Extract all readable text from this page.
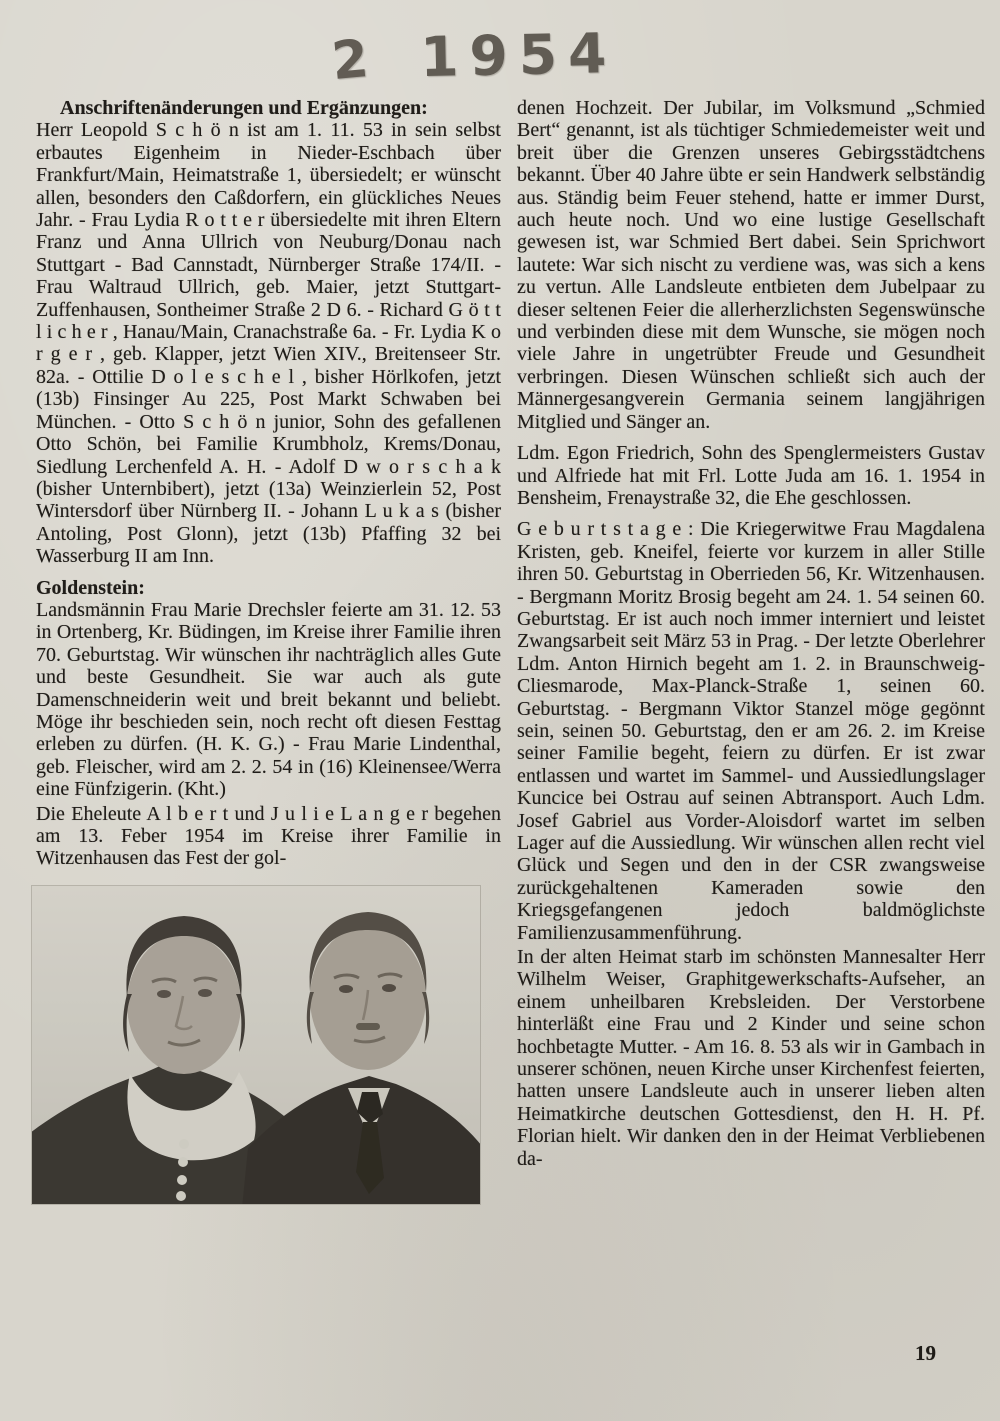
2 1954
Anschriftenänderungen und Ergänzungen:

Herr Leopold S c h ö n ist am 1. 11. 53 in sein selbst erbautes Eigenheim in Nieder-Eschbach über Frankfurt/Main, Heimatstraße 1, übersiedelt; er wünscht allen, besonders den Caßdorfern, ein glückliches Neues Jahr. - Frau Lydia R o t t e r übersiedelte mit ihren Eltern Franz und Anna Ullrich von Neuburg/Donau nach Stuttgart - Bad Cannstadt, Nürnberger Straße 174/II. - Frau Waltraud Ullrich, geb. Maier, jetzt Stuttgart-Zuffenhausen, Sontheimer Straße 2 D 6. - Richard G ö t t l i c h e r , Hanau/Main, Cranachstraße 6a. - Fr. Lydia K o r g e r , geb. Klapper, jetzt Wien XIV., Breitenseer Str. 82a. - Ottilie D o l e s c h e l , bisher Hörlkofen, jetzt (13b) Finsinger Au 225, Post Markt Schwaben bei München. - Otto S c h ö n junior, Sohn des gefallenen Otto Schön, bei Familie Krumbholz, Krems/Donau, Siedlung Lerchenfeld A. H. - Adolf D w o r s c h a k (bisher Unternbibert), jetzt (13a) Weinzierlein 52, Post Wintersdorf über Nürnberg II. - Johann L u k a s (bisher Antoling, Post Glonn), jetzt (13b) Pfaffing 32 bei Wasserburg II am Inn.

Goldenstein:

Landsmännin Frau Marie Drechsler feierte am 31. 12. 53 in Ortenberg, Kr. Büdingen, im Kreise ihrer Familie ihren 70. Geburtstag. Wir wünschen ihr nachträglich alles Gute und beste Gesundheit. Sie war auch als gute Damenschneiderin weit und breit bekannt und beliebt. Möge ihr beschieden sein, noch recht oft diesen Festtag erleben zu dürfen. (H. K. G.) - Frau Marie Lindenthal, geb. Fleischer, wird am 2. 2. 54 in (16) Kleinensee/Werra eine Fünfzigerin. (Kht.)

Die Eheleute A l b e r t und J u l i e L a n g e r begehen am 13. Feber 1954 im Kreise ihrer Familie in Witzenhausen das Fest der gol-

denen Hochzeit. Der Jubilar, im Volksmund „Schmied Bert“ genannt, ist als tüchtiger Schmiedemeister weit und breit über die Grenzen unseres Gebirgsstädtchens bekannt. Über 40 Jahre übte er sein Handwerk selbständig aus. Ständig beim Feuer stehend, hatte er immer Durst, auch heute noch. Und wo eine lustige Gesellschaft gewesen ist, war Schmied Bert dabei. Sein Sprichwort lautete: War sich nischt zu verdiene was, was sich a kens zu vertun. Alle Landsleute entbieten dem Jubelpaar zu dieser seltenen Feier die allerherzlichsten Segenswünsche und verbinden diese mit dem Wunsche, sie mögen noch viele Jahre in ungetrübter Freude und Gesundheit verbringen. Diesen Wünschen schließt sich auch der Männergesangverein Germania seinem langjährigen Mitglied und Sänger an.

Ldm. Egon Friedrich, Sohn des Spenglermeisters Gustav und Alfriede hat mit Frl. Lotte Juda am 16. 1. 1954 in Bensheim, Frenaystraße 32, die Ehe geschlossen.

G e b u r t s t a g e : Die Kriegerwitwe Frau Magdalena Kristen, geb. Kneifel, feierte vor kurzem in aller Stille ihren 50. Geburtstag in Oberrieden 56, Kr. Witzenhausen. - Bergmann Moritz Brosig begeht am 24. 1. 54 seinen 60. Geburtstag. Er ist auch noch immer interniert und leistet Zwangsarbeit seit März 53 in Prag. - Der letzte Oberlehrer Ldm. Anton Hirnich begeht am 1. 2. in Braunschweig-Cliesmarode, Max-Planck-Straße 1, seinen 60. Geburtstag. - Bergmann Viktor Stanzel möge gegönnt sein, seinen 50. Geburtstag, den er am 26. 2. im Kreise seiner Familie begeht, feiern zu dürfen. Er ist zwar entlassen und wartet im Sammel- und Aussiedlungslager Kuncice bei Ostrau auf seinen Abtransport. Auch Ldm. Josef Gabriel aus Vorder-Aloisdorf wartet im selben Lager auf die Aussiedlung. Wir wünschen allen recht viel Glück und Segen und den in der CSR zwangsweise zurückgehaltenen Kameraden sowie den Kriegsgefangenen jedoch baldmöglichste Familienzusammenführung.

In der alten Heimat starb im schönsten Mannesalter Herr Wilhelm Weiser, Graphitgewerkschafts-Aufseher, an einem unheilbaren Krebsleiden. Der Verstorbene hinterläßt eine Frau und 2 Kinder und seine schon hochbetagte Mutter. - Am 16. 8. 53 als wir in Gambach in unserer schönen, neuen Kirche unser Kirchenfest feierten, hatten unsere Landsleute auch in unserer lieben alten Heimatkirche deutschen Gottesdienst, den H. H. Pf. Florian hielt. Wir danken den in der Heimat Verbliebenen da-

19
